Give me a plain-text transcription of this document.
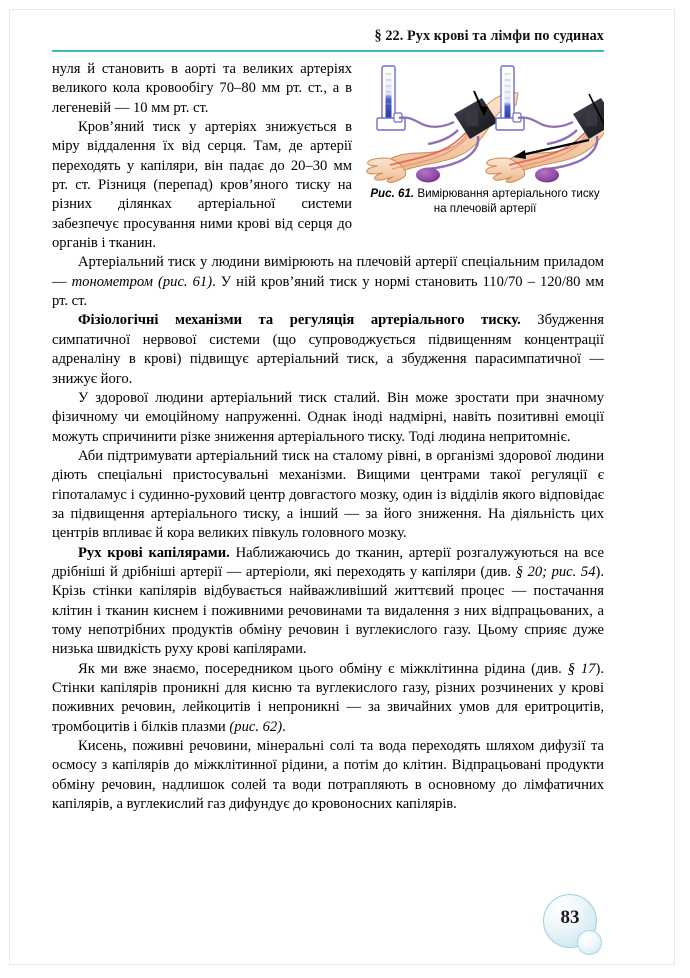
§ 22. Рух крові та лімфи по судинах
Рис. 61. Вимірювання артеріального тиску на плечовій артерії

нуля й становить в аорті та великих артеріях великого кола кровообігу 70–80 мм рт. ст., а в легеневій — 10 мм рт. ст.

Кров’яний тиск у артеріях знижується в міру віддалення їх від серця. Там, де артерії переходять у капіляри, він падає до 20–30 мм рт. ст. Різниця (перепад) кров’яного тиску на різних ділянках артеріальної системи забезпечує просування ними крові від серця до органів і тканин.

Артеріальний тиск у людини вимірюють на плечовій артерії спеціальним приладом — тонометром (рис. 61). У ній кров’яний тиск у нормі становить 110/70 – 120/80 мм рт. ст.

Фізіологічні механізми та регуляція артеріального тиску. Збудження симпатичної нервової системи (що супроводжується підвищенням концентрації адреналіну в крові) підвищує артеріальний тиск, а збудження парасимпатичної — знижує його.

У здорової людини артеріальний тиск сталий. Він може зростати при значному фізичному чи емоційному напруженні. Однак іноді надмірні, навіть позитивні емоції можуть спричинити різке зниження артеріального тиску. Тоді людина непритомніє.

Аби підтримувати артеріальний тиск на сталому рівні, в організмі здорової людини діють спеціальні пристосувальні механізми. Вищими центрами такої регуляції є гіпоталамус і судинно-руховий центр довгастого мозку, один із відділів якого відповідає за підвищення артеріального тиску, а інший — за його зниження. На діяльність цих центрів впливає й кора великих півкуль головного мозку.

Рух крові капілярами. Наближаючись до тканин, артерії розгалужуються на все дрібніші й дрібніші артерії — артеріоли, які переходять у капіляри (див. § 20; рис. 54). Крізь стінки капілярів відбувається найважливіший життєвий процес — постачання клітин і тканин киснем і поживними речовинами та видалення з них відпрацьованих, а тому непотрібних продуктів обміну речовин і вуглекислого газу. Цьому сприяє дуже низька швидкість руху крові капілярами.

Як ми вже знаємо, посередником цього обміну є міжклітинна рідина (див. § 17). Стінки капілярів проникні для кисню та вуглекислого газу, різних розчинених у крові поживних речовин, лейкоцитів і непроникні — за звичайних умов для еритроцитів, тромбоцитів і білків плазми (рис. 62).

Кисень, поживні речовини, мінеральні солі та вода переходять шляхом дифузії та осмосу з капілярів до міжклітинної рідини, а потім до клітин. Відпрацьовані продукти обміну речовин, надлишок солей та води потрапляють в основному до лімфатичних капілярів, а вуглекислий газ дифундує до кровоносних капілярів.

83
